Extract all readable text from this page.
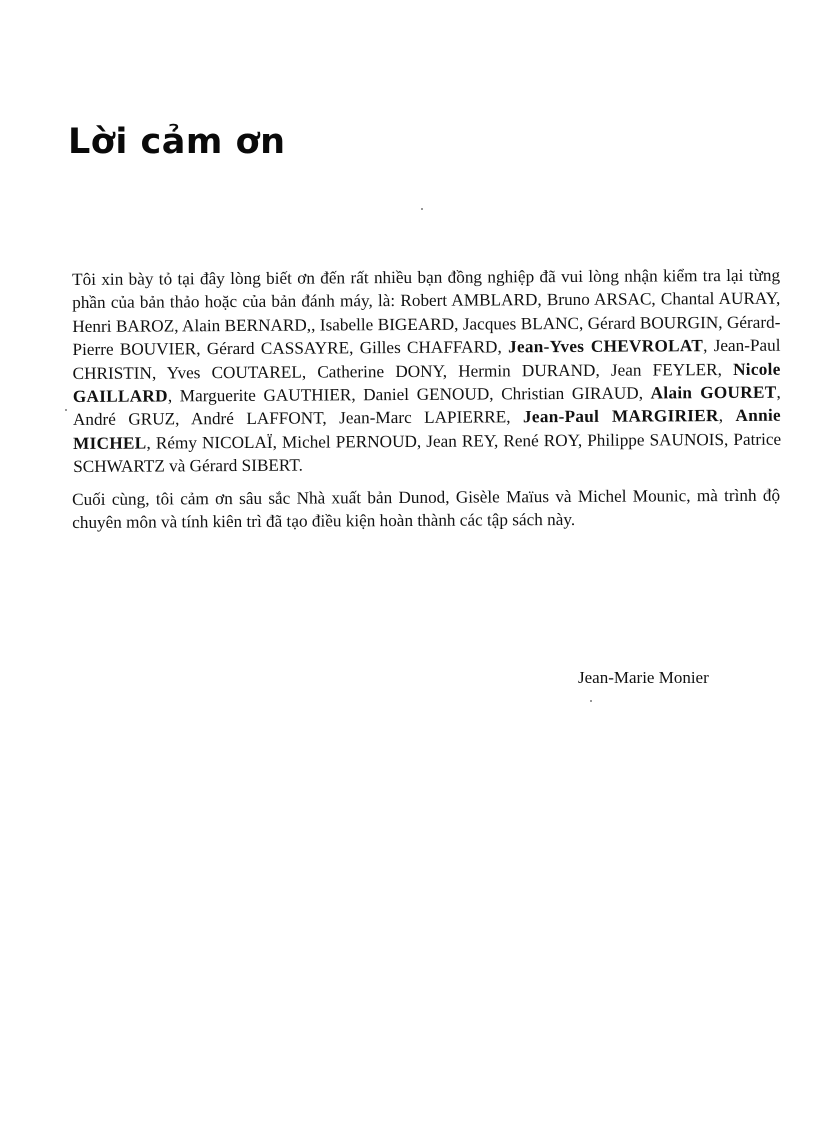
Lời cảm ơn

Tôi xin bày tỏ tại đây lòng biết ơn đến rất nhiều bạn đồng nghiệp đã vui lòng nhận kiểm tra lại từng phần của bản thảo hoặc của bản đánh máy, là: Robert AMBLARD, Bruno ARSAC, Chantal AURAY, Henri BAROZ, Alain BERNARD,, Isabelle BIGEARD, Jacques BLANC, Gérard BOURGIN, Gérard-Pierre BOUVIER, Gérard CASSAYRE, Gilles CHAFFARD, Jean-Yves CHEVROLAT, Jean-Paul CHRISTIN, Yves COUTAREL, Catherine DONY, Hermin DURAND, Jean FEYLER, Nicole GAILLARD, Marguerite GAUTHIER, Daniel GENOUD, Christian GIRAUD, Alain GOURET, André GRUZ, André LAFFONT, Jean-Marc LAPIERRE, Jean-Paul MARGIRIER, Annie MICHEL, Rémy NICOLAÏ, Michel PERNOUD, Jean REY, René ROY, Philippe SAUNOIS, Patrice SCHWARTZ và Gérard SIBERT.

Cuối cùng, tôi cảm ơn sâu sắc Nhà xuất bản Dunod, Gisèle Maïus và Michel Mounic, mà trình độ chuyên môn và tính kiên trì đã tạo điều kiện hoàn thành các tập sách này.

Jean-Marie Monier
